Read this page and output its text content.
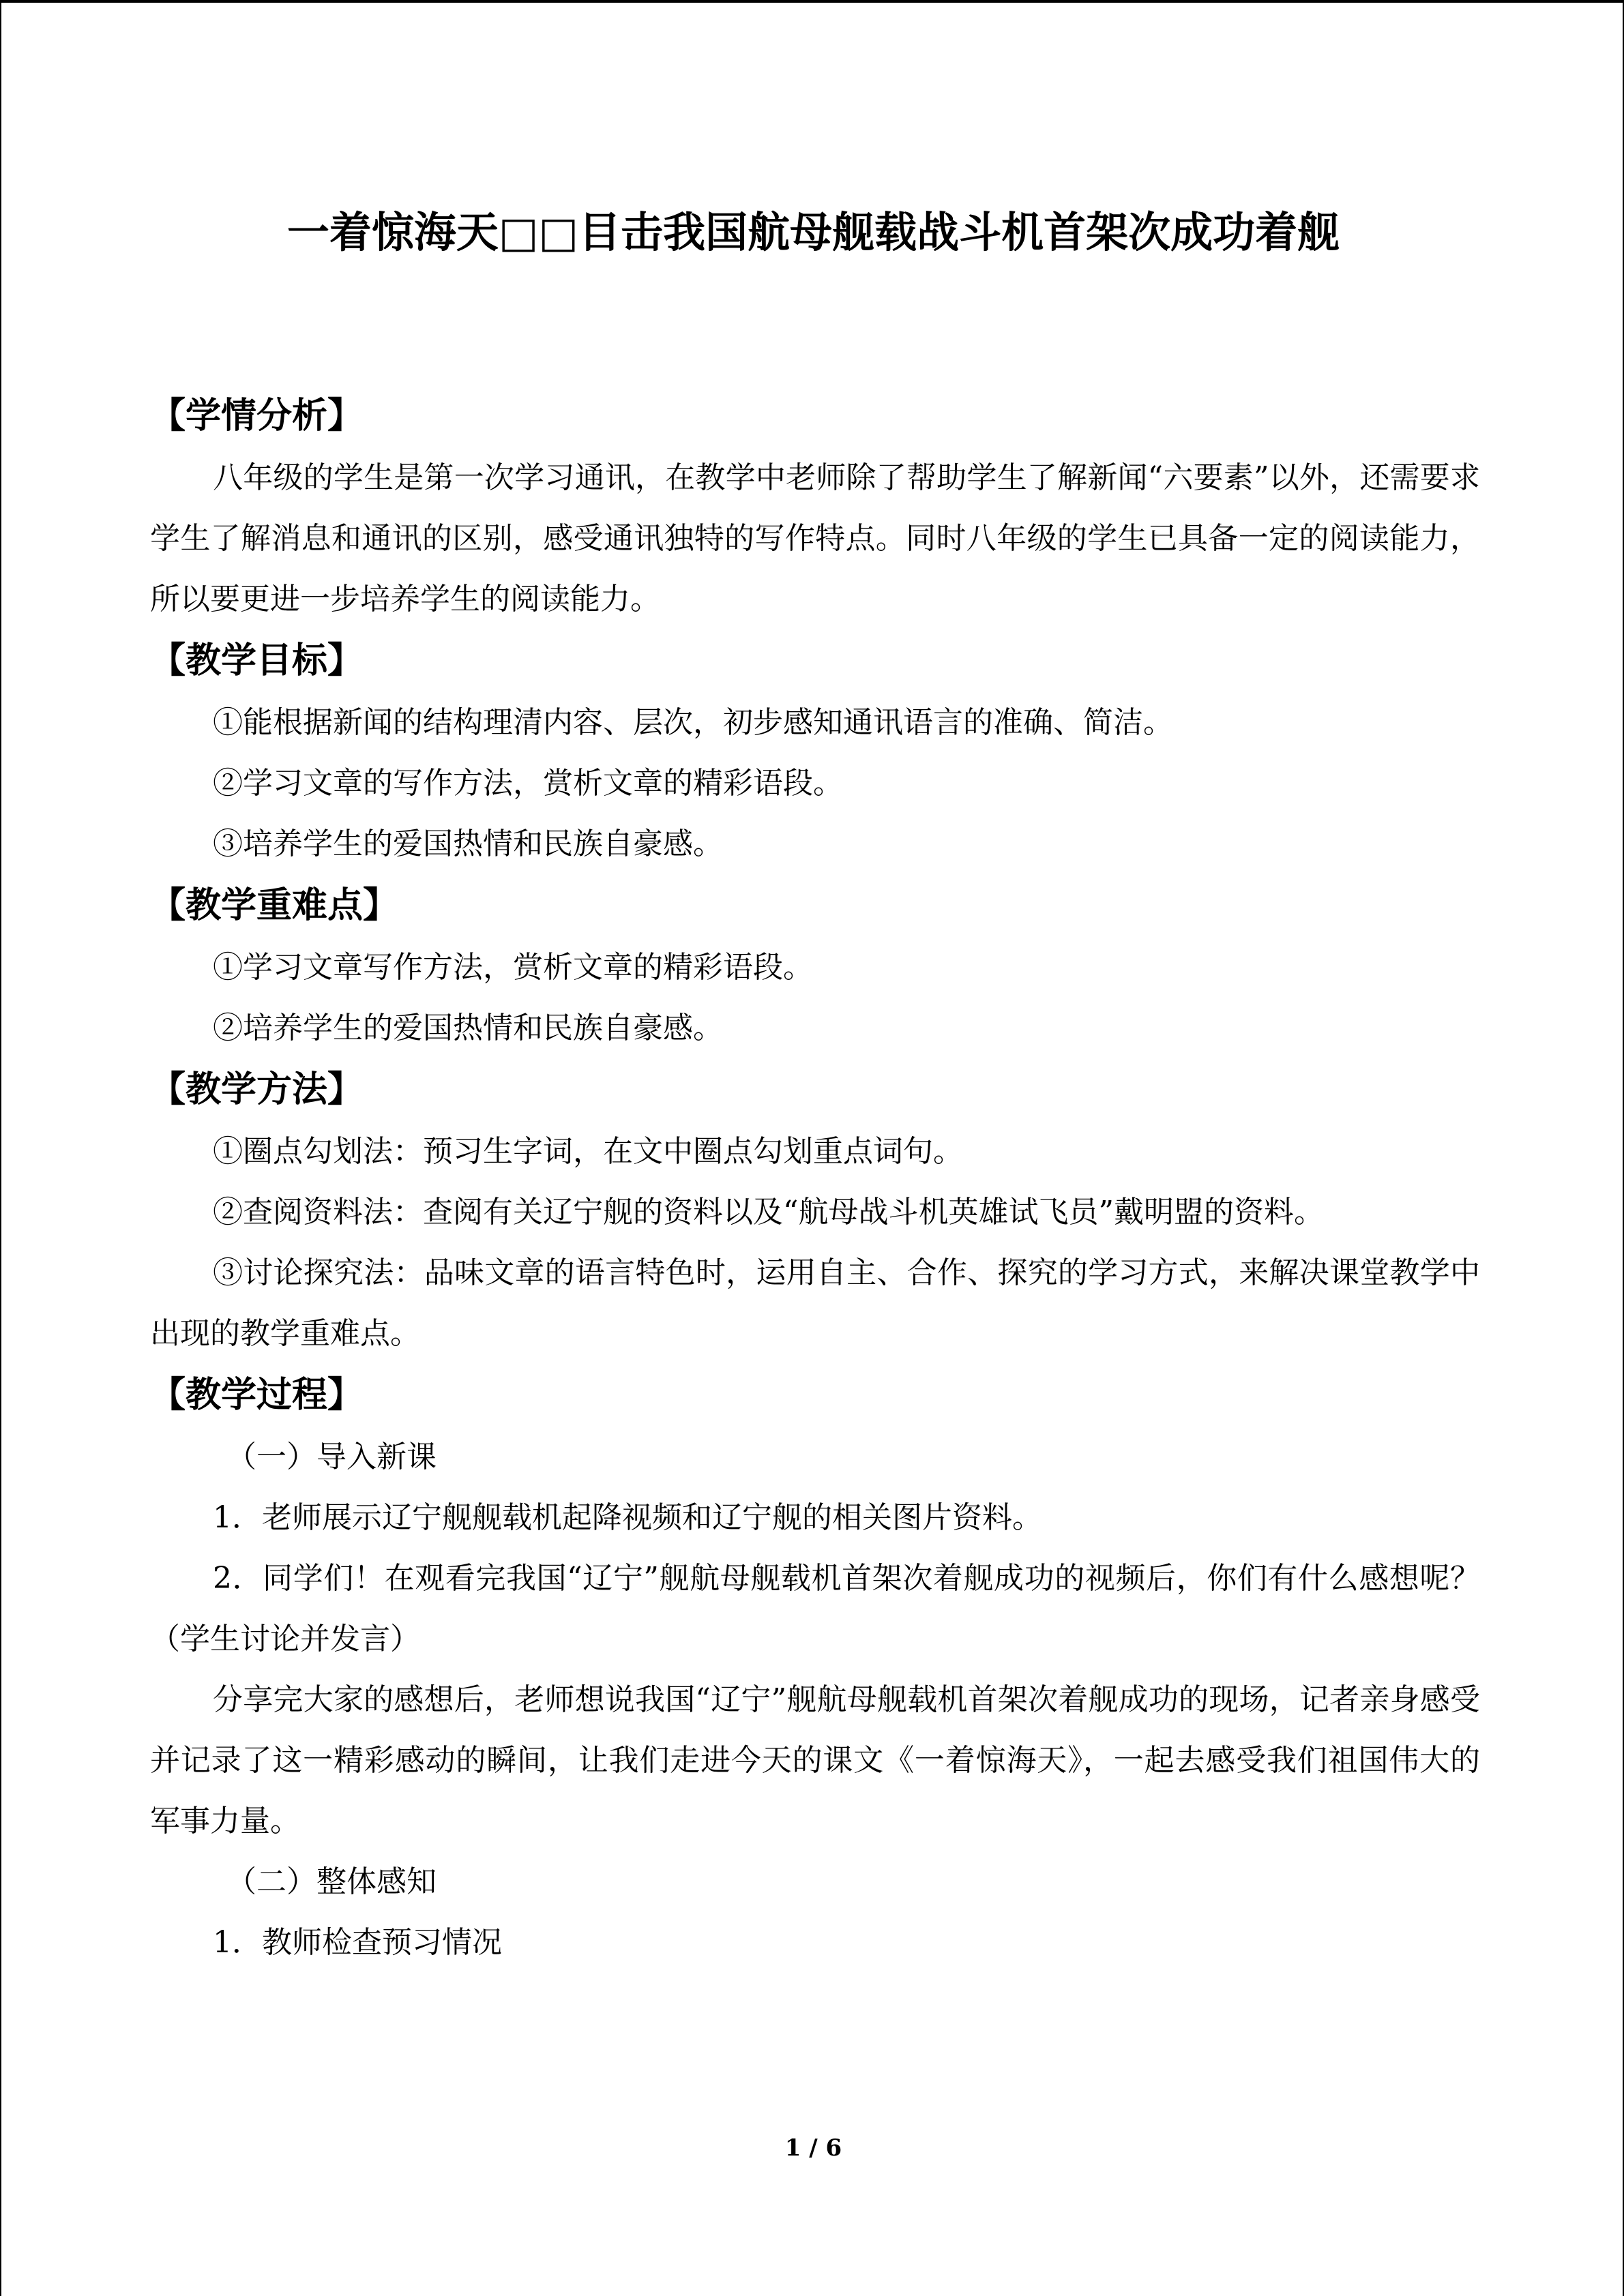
一着惊海天□□目击我国航母舰载战斗机首架次成功着舰
【学情分析】
八年级的学生是第一次学习通讯，在教学中老师除了帮助学生了解新闻“六要素”以外，还需要求学生了解消息和通讯的区别，感受通讯独特的写作特点。同时八年级的学生已具备一定的阅读能力，所以要更进一步培养学生的阅读能力。
【教学目标】
①能根据新闻的结构理清内容、层次，初步感知通讯语言的准确、简洁。
②学习文章的写作方法，赏析文章的精彩语段。
③培养学生的爱国热情和民族自豪感。
【教学重难点】
①学习文章写作方法，赏析文章的精彩语段。
②培养学生的爱国热情和民族自豪感。
【教学方法】
①圈点勾划法：预习生字词，在文中圈点勾划重点词句。
②查阅资料法：查阅有关辽宁舰的资料以及“航母战斗机英雄试飞员”戴明盟的资料。
③讨论探究法：品味文章的语言特色时，运用自主、合作、探究的学习方式，来解决课堂教学中出现的教学重难点。
【教学过程】
（一）导入新课
1．老师展示辽宁舰舰载机起降视频和辽宁舰的相关图片资料。
2．同学们！在观看完我国“辽宁”舰航母舰载机首架次着舰成功的视频后，你们有什么感想呢？（学生讨论并发言）
分享完大家的感想后，老师想说我国“辽宁”舰航母舰载机首架次着舰成功的现场，记者亲身感受并记录了这一精彩感动的瞬间，让我们走进今天的课文《一着惊海天》，一起去感受我们祖国伟大的军事力量。
（二）整体感知
1．教师检查预习情况
1 / 6
